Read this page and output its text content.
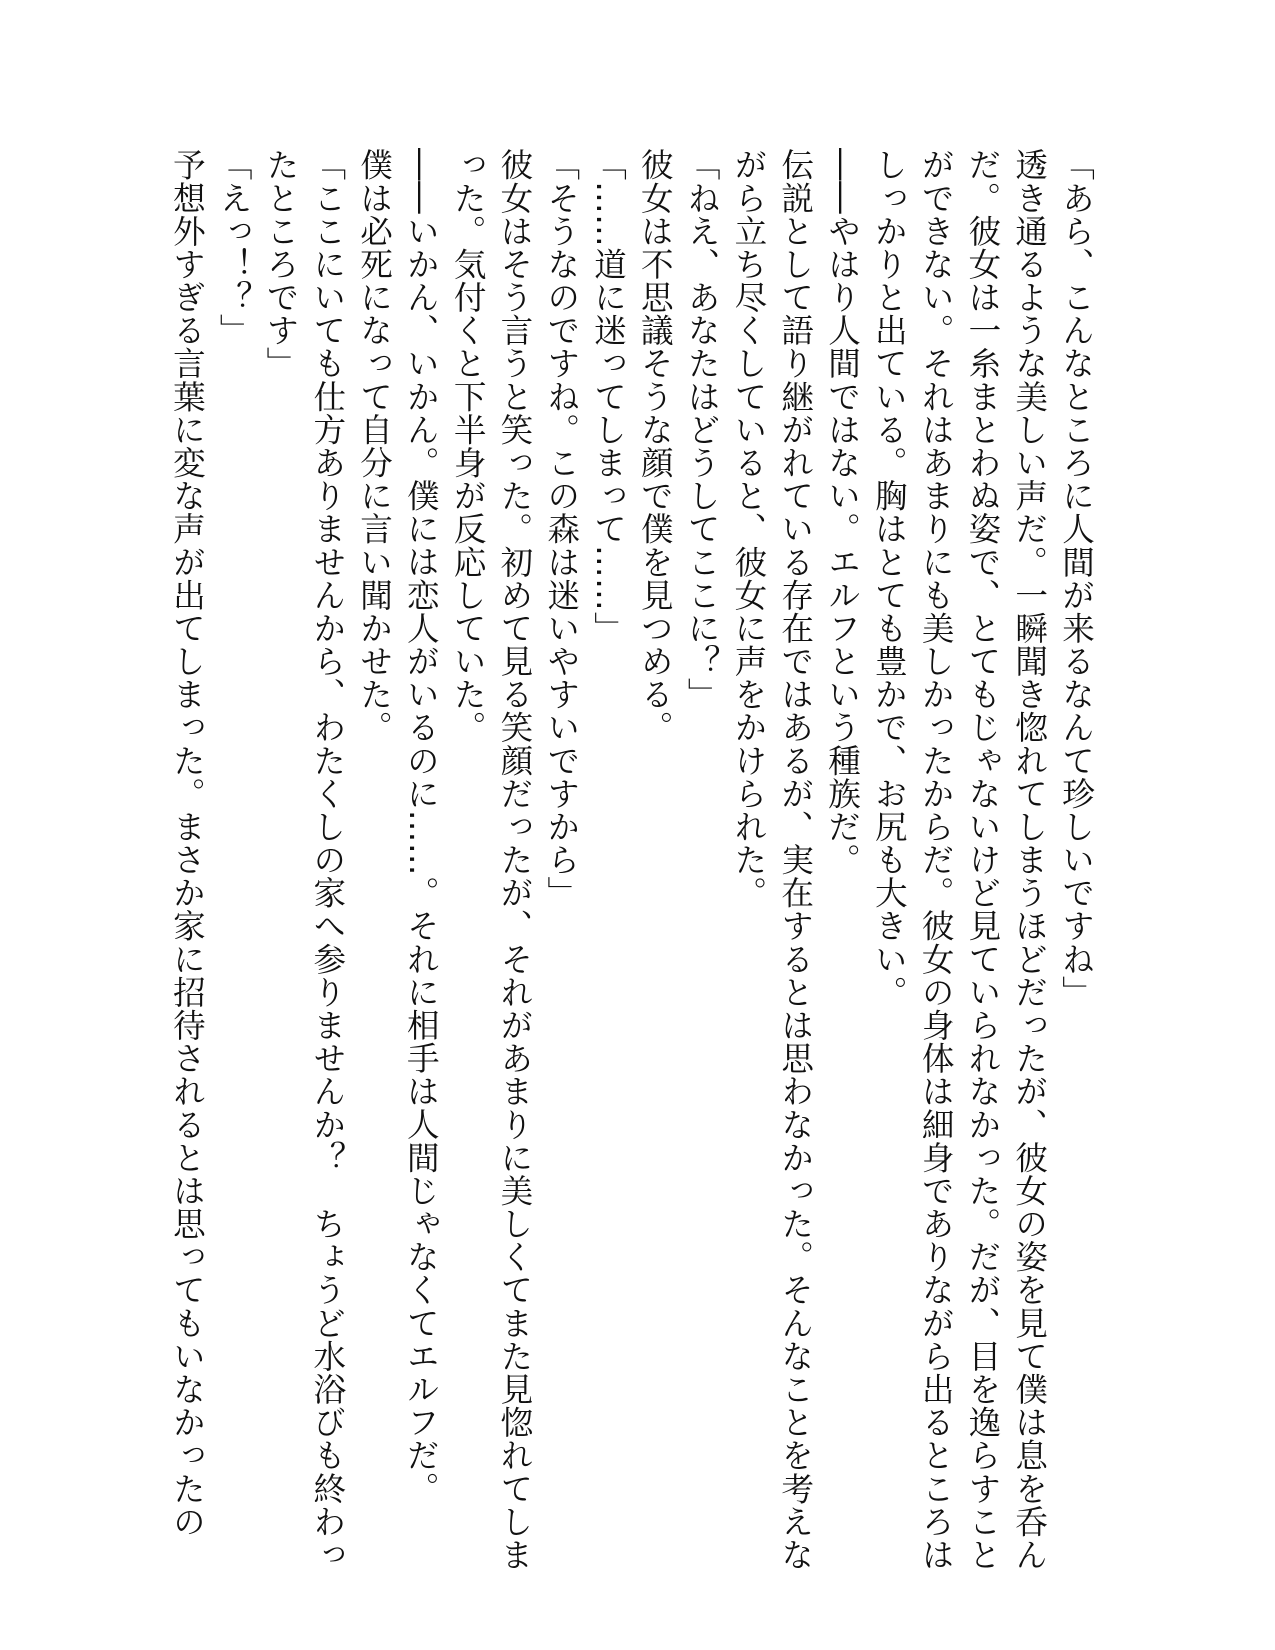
「あら、こんなところに人間が来るなんて珍しいですね」

透き通るような美しい声だ。一瞬聞き惚れてしまうほどだったが、彼女の姿を見て僕は息を呑ん

だ。彼女は一糸まとわぬ姿で、とてもじゃないけど見ていられなかった。だが、目を逸らすこと

ができない。それはあまりにも美しかったからだ。彼女の身体は細身でありながら出るところは

しっかりと出ている。胸はとても豊かで、お尻も大きい。

――やはり人間ではない。エルフという種族だ。

伝説として語り継がれている存在ではあるが、実在するとは思わなかった。そんなことを考えな

がら立ち尽くしていると、彼女に声をかけられた。

「ねえ、あなたはどうしてここに？」

彼女は不思議そうな顔で僕を見つめる。

「……道に迷ってしまって……」

「そうなのですね。この森は迷いやすいですから」

彼女はそう言うと笑った。初めて見る笑顔だったが、それがあまりに美しくてまた見惚れてしま

った。気付くと下半身が反応していた。

――いかん、いかん。僕には恋人がいるのに……。それに相手は人間じゃなくてエルフだ。

僕は必死になって自分に言い聞かせた。

「ここにいても仕方ありませんから、わたくしの家へ参りませんか？　ちょうど水浴びも終わっ

たところです」

「えっ！？」

予想外すぎる言葉に変な声が出てしまった。まさか家に招待されるとは思ってもいなかったの
